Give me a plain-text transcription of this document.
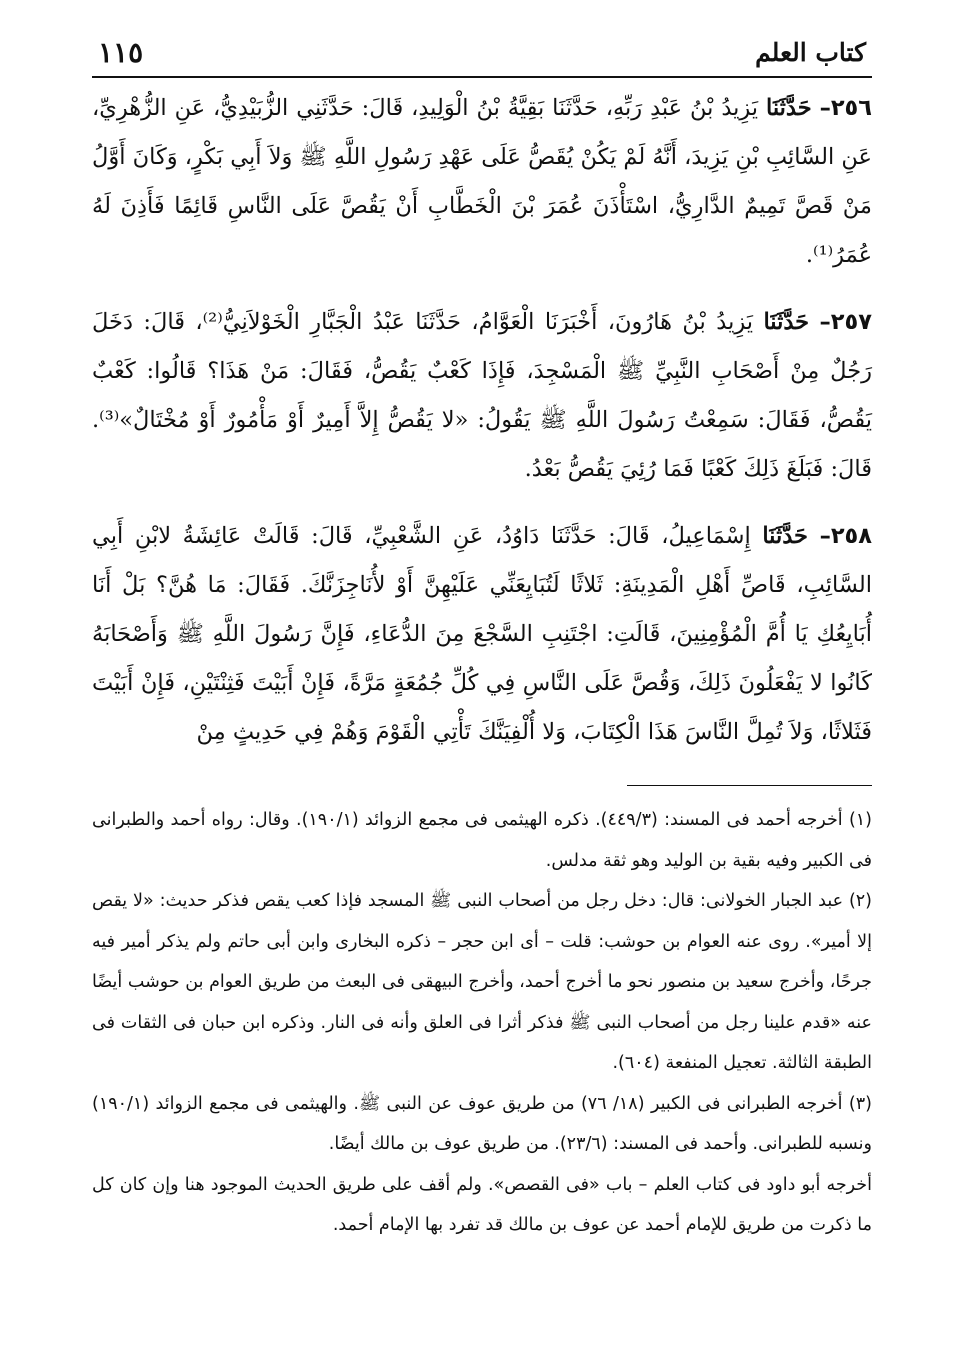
كتاب العلم
١١٥

٢٥٦– حَدَّثَنَا يَزِيدُ بْنُ عَبْدِ رَبِّهِ، حَدَّثَنَا بَقِيَّةُ بْنُ الْوَلِيدِ، قَالَ: حَدَّثَنِي الزُّبَيْدِيُّ، عَنِ الزُّهْرِيِّ، عَنِ السَّائِبِ بْنِ يَزِيدَ، أَنَّهُ لَمْ يَكُنْ يُقَصُّ عَلَى عَهْدِ رَسُولِ اللَّهِ ﷺ وَلاَ أَبِي بَكْرٍ، وَكَانَ أَوَّلُ مَنْ قَصَّ تَمِيمٌ الدَّارِيُّ، اسْتَأْذَنَ عُمَرَ بْنَ الْخَطَّابِ أَنْ يَقُصَّ عَلَى النَّاسِ قَائِمًا فَأَذِنَ لَهُ عُمَرُ⁽¹⁾.

٢٥٧– حَدَّثَنَا يَزِيدُ بْنُ هَارُونَ، أَخْبَرَنَا الْعَوَّامُ، حَدَّثَنَا عَبْدُ الْجَبَّارِ الْخَوْلاَنِيُّ⁽²⁾، قَالَ: دَخَلَ رَجُلٌ مِنْ أَصْحَابِ النَّبِيِّ ﷺ الْمَسْجِدَ، فَإِذَا كَعْبٌ يَقُصُّ، فَقَالَ: مَنْ هَذَا؟ قَالُوا: كَعْبٌ يَقُصُّ، فَقَالَ: سَمِعْتُ رَسُولَ اللَّهِ ﷺ يَقُولُ: «لا يَقُصُّ إِلاَّ أَمِيرٌ أَوْ مَأْمُورٌ أَوْ مُخْتَالٌ»⁽³⁾. قَالَ: فَبَلَغَ ذَلِكَ كَعْبًا فَمَا رُئِيَ يَقُصُّ بَعْدُ.

٢٥٨– حَدَّثَنَا إِسْمَاعِيلُ، قَالَ: حَدَّثَنَا دَاوُدُ، عَنِ الشَّعْبِيِّ، قَالَ: قَالَتْ عَائِشَةُ لابْنِ أَبِي السَّائِبِ، قَاصِّ أَهْلِ الْمَدِينَةِ: ثَلاثًا لَتُبَايِعَنِّي عَلَيْهِنَّ أَوْ لأُنَاجِزَنَّكَ. فَقَالَ: مَا هُنَّ؟ بَلْ أَنَا أُبَايِعُكِ يَا أُمَّ الْمُؤْمِنِينَ، قَالَتِ: اجْتَنِبِ السَّجْعَ مِنَ الدُّعَاءِ، فَإِنَّ رَسُولَ اللَّهِ ﷺ وَأَصْحَابَهُ كَانُوا لا يَفْعَلُونَ ذَلِكَ، وَقُصَّ عَلَى النَّاسِ فِي كُلِّ جُمُعَةٍ مَرَّةً، فَإِنْ أَبَيْتَ فَثِنْتَيْنِ، فَإِنْ أَبَيْتَ فَثَلاثًا، وَلاَ تُمِلَّ النَّاسَ هَذَا الْكِتَابَ، وَلا أُلْفِيَنَّكَ تَأْتِي الْقَوْمَ وَهُمْ فِي حَدِيثٍ مِنْ

(١) أخرجه أحمد فى المسند: (٤٤٩/٣). ذكره الهيثمى فى مجمع الزوائد (١٩٠/١). وقال: رواه أحمد والطبرانى فى الكبير وفيه بقية بن الوليد وهو ثقة مدلس.

(٢) عبد الجبار الخولانى: قال: دخل رجل من أصحاب النبى ﷺ المسجد فإذا كعب يقص فذكر حديث: «لا يقص إلا أمير». روى عنه العوام بن حوشب: قلت – أى ابن حجر – ذكره البخارى وابن أبى حاتم ولم يذكر أمير فيه جرحًا، وأخرج سعيد بن منصور نحو ما أخرج أحمد، وأخرج البيهقى فى البعث من طريق العوام بن حوشب أيضًا عنه «قدم علينا رجل من أصحاب النبى ﷺ فذكر أثرا فى العلق وأنه فى النار. وذكره ابن حبان فى الثقات فى الطبقة الثالثة. تعجيل المنفعة (٦٠٤).

(٣) أخرجه الطبرانى فى الكبير (١٨/ ٧٦) من طريق عوف عن النبى ﷺ. والهيثمى فى مجمع الزوائد (١٩٠/١) ونسبه للطبرانى. وأحمد فى المسند: (٢٣/٦). من طريق عوف بن مالك أيضًا.

أخرجه أبو داود فى كتاب العلم – باب «فى القصص». ولم أقف على طريق الحديث الموجود هنا وإن كان كل ما ذكرت من طريق للإمام أحمد عن عوف بن مالك قد تفرد بها الإمام أحمد.
